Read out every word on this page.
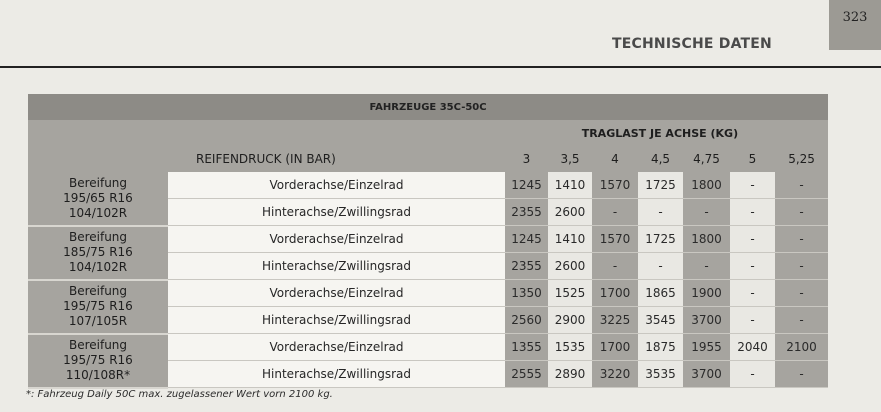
323
TECHNISCHE DATEN
FAHRZEUGE 35C-50C								
TRAGLAST JE ACHSE (KG)								
REIFENDRUCK (IN BAR)		3	3,5	4	4,5	4,75	5	5,25

Bereifung
195/65 R16
104/102R	Vorderachse/Einzelrad	1245	1410	1570	1725	1800	-	-
	Hinterachse/Zwillingsrad	2355	2600	-	-	-	-	-

Bereifung
185/75 R16
104/102R	Vorderachse/Einzelrad	1245	1410	1570	1725	1800	-	-
	Hinterachse/Zwillingsrad	2355	2600	-	-	-	-	-

Bereifung
195/75 R16
107/105R	Vorderachse/Einzelrad	1350	1525	1700	1865	1900	-	-
	Hinterachse/Zwillingsrad	2560	2900	3225	3545	3700	-	-

Bereifung
195/75 R16
110/108R*	Vorderachse/Einzelrad	1355	1535	1700	1875	1955	2040	2100
	Hinterachse/Zwillingsrad	2555	2890	3220	3535	3700	-	-
*: Fahrzeug Daily 50C max. zugelassener Wert vorn 2100 kg.
